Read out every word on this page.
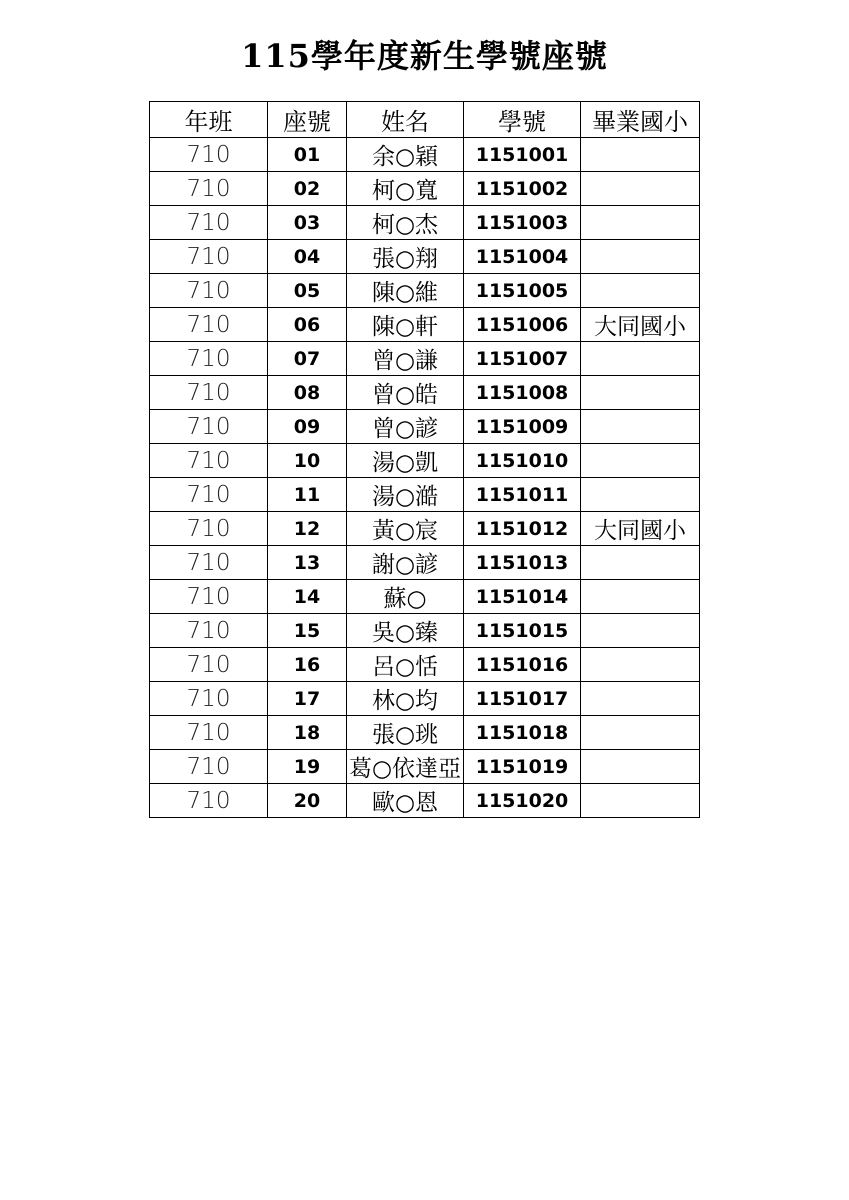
115學年度新生學號座號
年班	座號	姓名	學號	畢業國小
710	01	余○穎	1151001	
710	02	柯○寬	1151002	
710	03	柯○杰	1151003	
710	04	張○翔	1151004	
710	05	陳○維	1151005	
710	06	陳○軒	1151006	大同國小
710	07	曾○謙	1151007	
710	08	曾○皓	1151008	
710	09	曾○諺	1151009	
710	10	湯○凱	1151010	
710	11	湯○澔	1151011	
710	12	黃○宸	1151012	大同國小
710	13	謝○諺	1151013	
710	14	蘇○	1151014	
710	15	吳○臻	1151015	
710	16	呂○恬	1151016	
710	17	林○均	1151017	
710	18	張○珧	1151018	
710	19	葛○依達亞	1151019	
710	20	歐○恩	1151020	
